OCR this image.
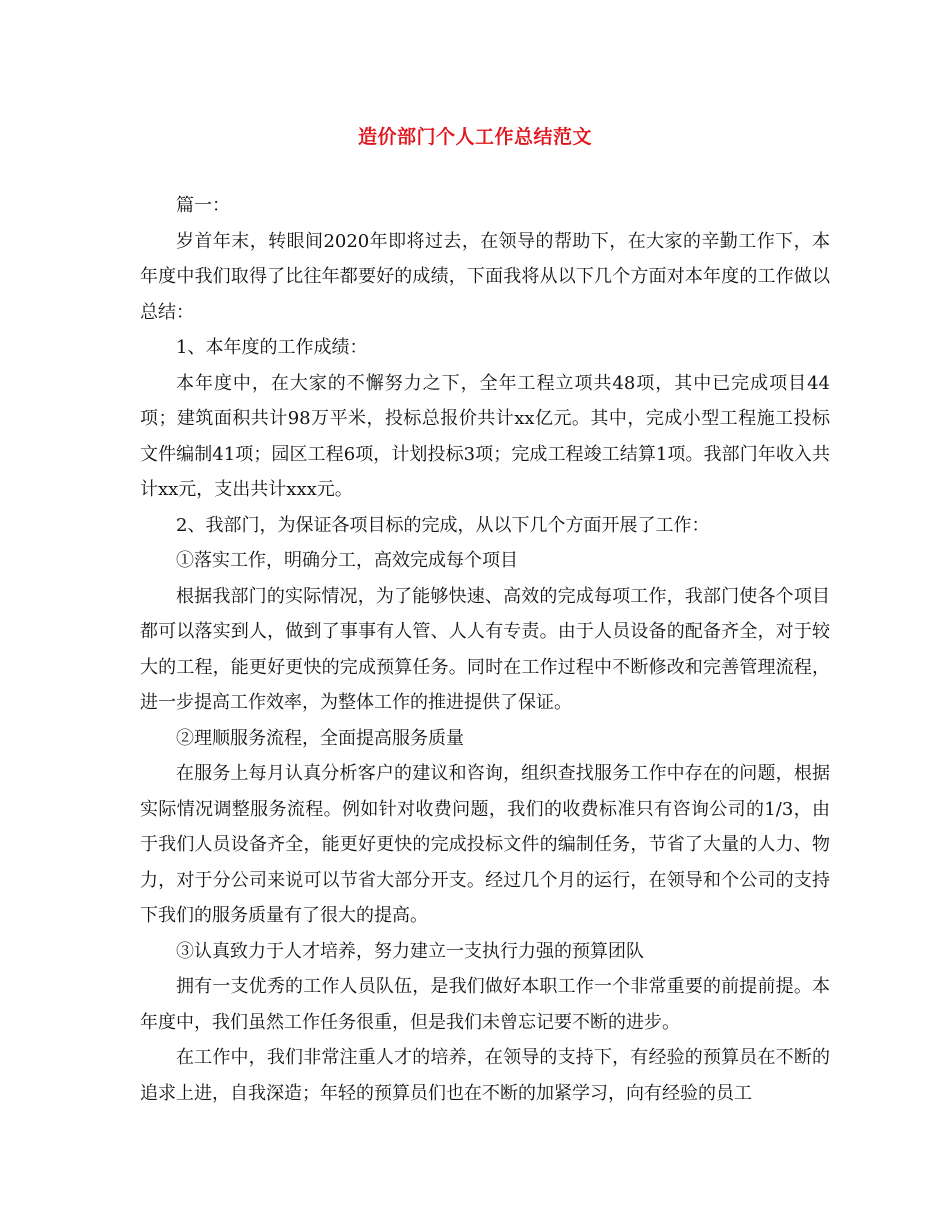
造价部门个人工作总结范文

篇一：

岁首年末，转眼间2020年即将过去，在领导的帮助下，在大家的辛勤工作下，本年度中我们取得了比往年都要好的成绩，下面我将从以下几个方面对本年度的工作做以总结：

1、本年度的工作成绩：

本年度中，在大家的不懈努力之下，全年工程立项共48项，其中已完成项目44项；建筑面积共计98万平米，投标总报价共计xx亿元。其中，完成小型工程施工投标文件编制41项；园区工程6项，计划投标3项；完成工程竣工结算1项。我部门年收入共计xx元，支出共计xxx元。

2、我部门，为保证各项目标的完成，从以下几个方面开展了工作：

①落实工作，明确分工，高效完成每个项目

根据我部门的实际情况，为了能够快速、高效的完成每项工作，我部门使各个项目都可以落实到人，做到了事事有人管、人人有专责。由于人员设备的配备齐全，对于较大的工程，能更好更快的完成预算任务。同时在工作过程中不断修改和完善管理流程，进一步提高工作效率，为整体工作的推进提供了保证。

②理顺服务流程，全面提高服务质量

在服务上每月认真分析客户的建议和咨询，组织查找服务工作中存在的问题，根据实际情况调整服务流程。例如针对收费问题，我们的收费标准只有咨询公司的1/3，由于我们人员设备齐全，能更好更快的完成投标文件的编制任务，节省了大量的人力、物力，对于分公司来说可以节省大部分开支。经过几个月的运行，在领导和个公司的支持下我们的服务质量有了很大的提高。

③认真致力于人才培养，努力建立一支执行力强的预算团队

拥有一支优秀的工作人员队伍，是我们做好本职工作一个非常重要的前提前提。本年度中，我们虽然工作任务很重，但是我们未曾忘记要不断的进步。

在工作中，我们非常注重人才的培养，在领导的支持下，有经验的预算员在不断的追求上进，自我深造；年轻的预算员们也在不断的加紧学习，向有经验的员工
